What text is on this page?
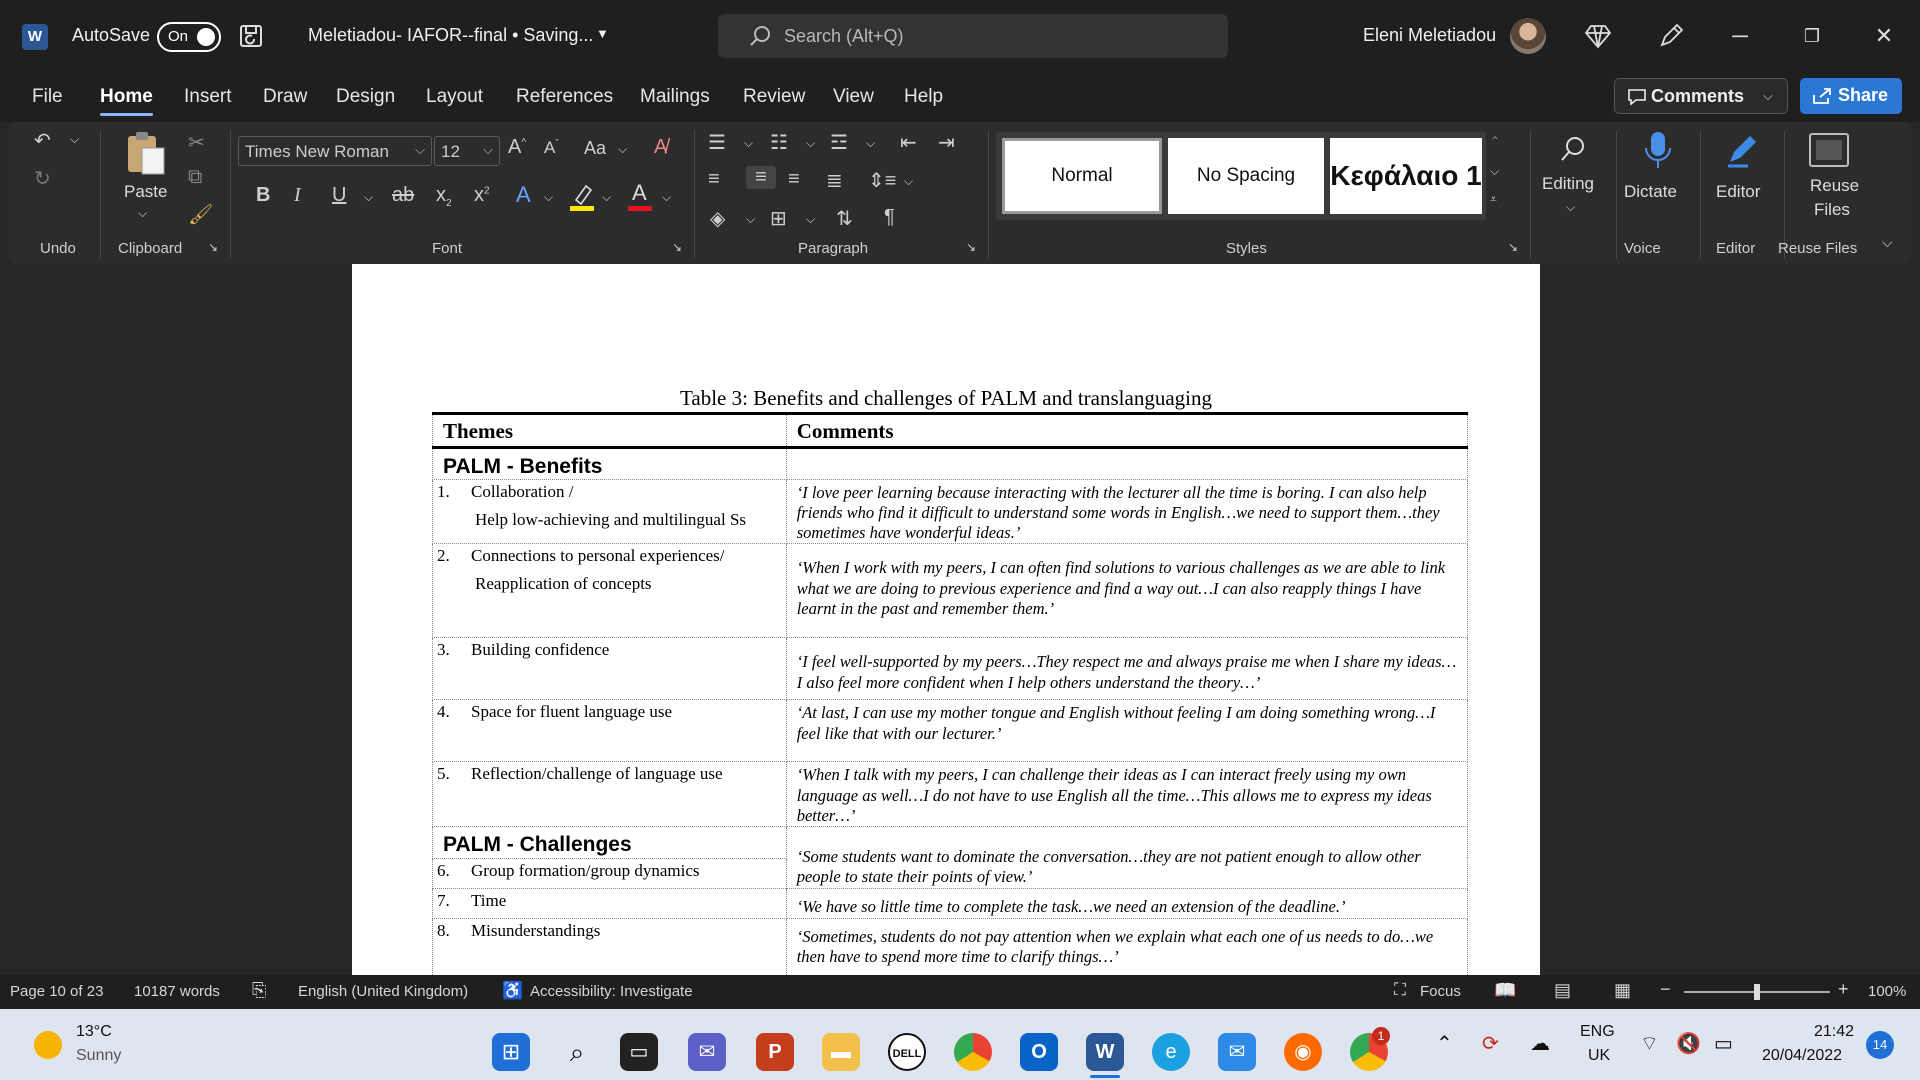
W	AutoSave On	Meletiadou- IAFOR--final • Saving... ▼	Search (Alt+Q)	Eleni Meletiadou	─	❐	✕
File Home Insert Draw Design Layout References Mailings Review View Help	Comments ⌵	Share
↶ ⌵
↻
Undo
Paste
⌵
✂
⧉
🖌
Clipboard ↘
Times New Roman ⌵ 12 ⌵ A^ $A^ˇ$ Aa ⌵ A̸
B I U ⌵ ab $x_2$ $x^2$ A ⌵	⌵ A ⌵
Font	↘
☰ ⌵ ☷ ⌵ ☲ ⌵ ⇤ ⇥
≡	≡	≡ ≣ ⇕≡ ⌵
◈ ⌵ ⊞ ⌵ ⇅ ¶
Paragraph	↘
Normal	No Spacing	Κεφάλαιο 1
⌃
⌵
⩡
Styles	↘
Editing
⌵
Dictate
Voice
Editor
Editor
Reuse
Files
Reuse Files ⌵
Table 3: Benefits and challenges of PALM and translanguaging
Themes	Comments
PALM - Benefits	
1. Collaboration /
Help low-achieving and multilingual Ss	‘I love peer learning because interacting with the lecturer all the time is boring. I can also help friends who find it difficult to understand some words in English…we need to support them…they sometimes have wonderful ideas.’
2. Connections to personal experiences/
Reapplication of concepts	‘When I work with my peers, I can often find solutions to various challenges as we are able to link what we are doing to previous experience and find a way out…I can also reapply things I have learnt in the past and remember them.’
3. Building confidence	‘I feel well-supported by my peers…They respect me and always praise me when I share my ideas…I also feel more confident when I help others understand the theory…’
4. Space for fluent language use	‘At last, I can use my mother tongue and English without feeling I am doing something wrong…I feel like that with our lecturer.’
5. Reflection/challenge of language use	‘When I talk with my peers, I can challenge their ideas as I can interact freely using my own language as well…I do not have to use English all the time…This allows me to express my ideas better…’
PALM - Challenges	‘Some students want to dominate the conversation…they are not patient enough to allow other people to state their points of view.’
6. Group formation/group dynamics	
7. Time	‘We have so little time to complete the task…we need an extension of the deadline.’
8. Misunderstandings	‘Sometimes, students do not pay attention when we explain what each one of us needs to do…we then have to spend more time to clarify things…’
Page 10 of 23 10187 words ⎘ English (United Kingdom) ♿ Accessibility: Investigate	⛶ Focus 📖 ▤ ▦ −	+ 100%
13°C
Sunny	⊞	⌕	▭	✉	P	▬	DELL	O	W	e	✉	◉
1	⌃ ⟳ ☁
ENG
UK
⌔ 🔇 ▭
21:42
20/04/2022
14
